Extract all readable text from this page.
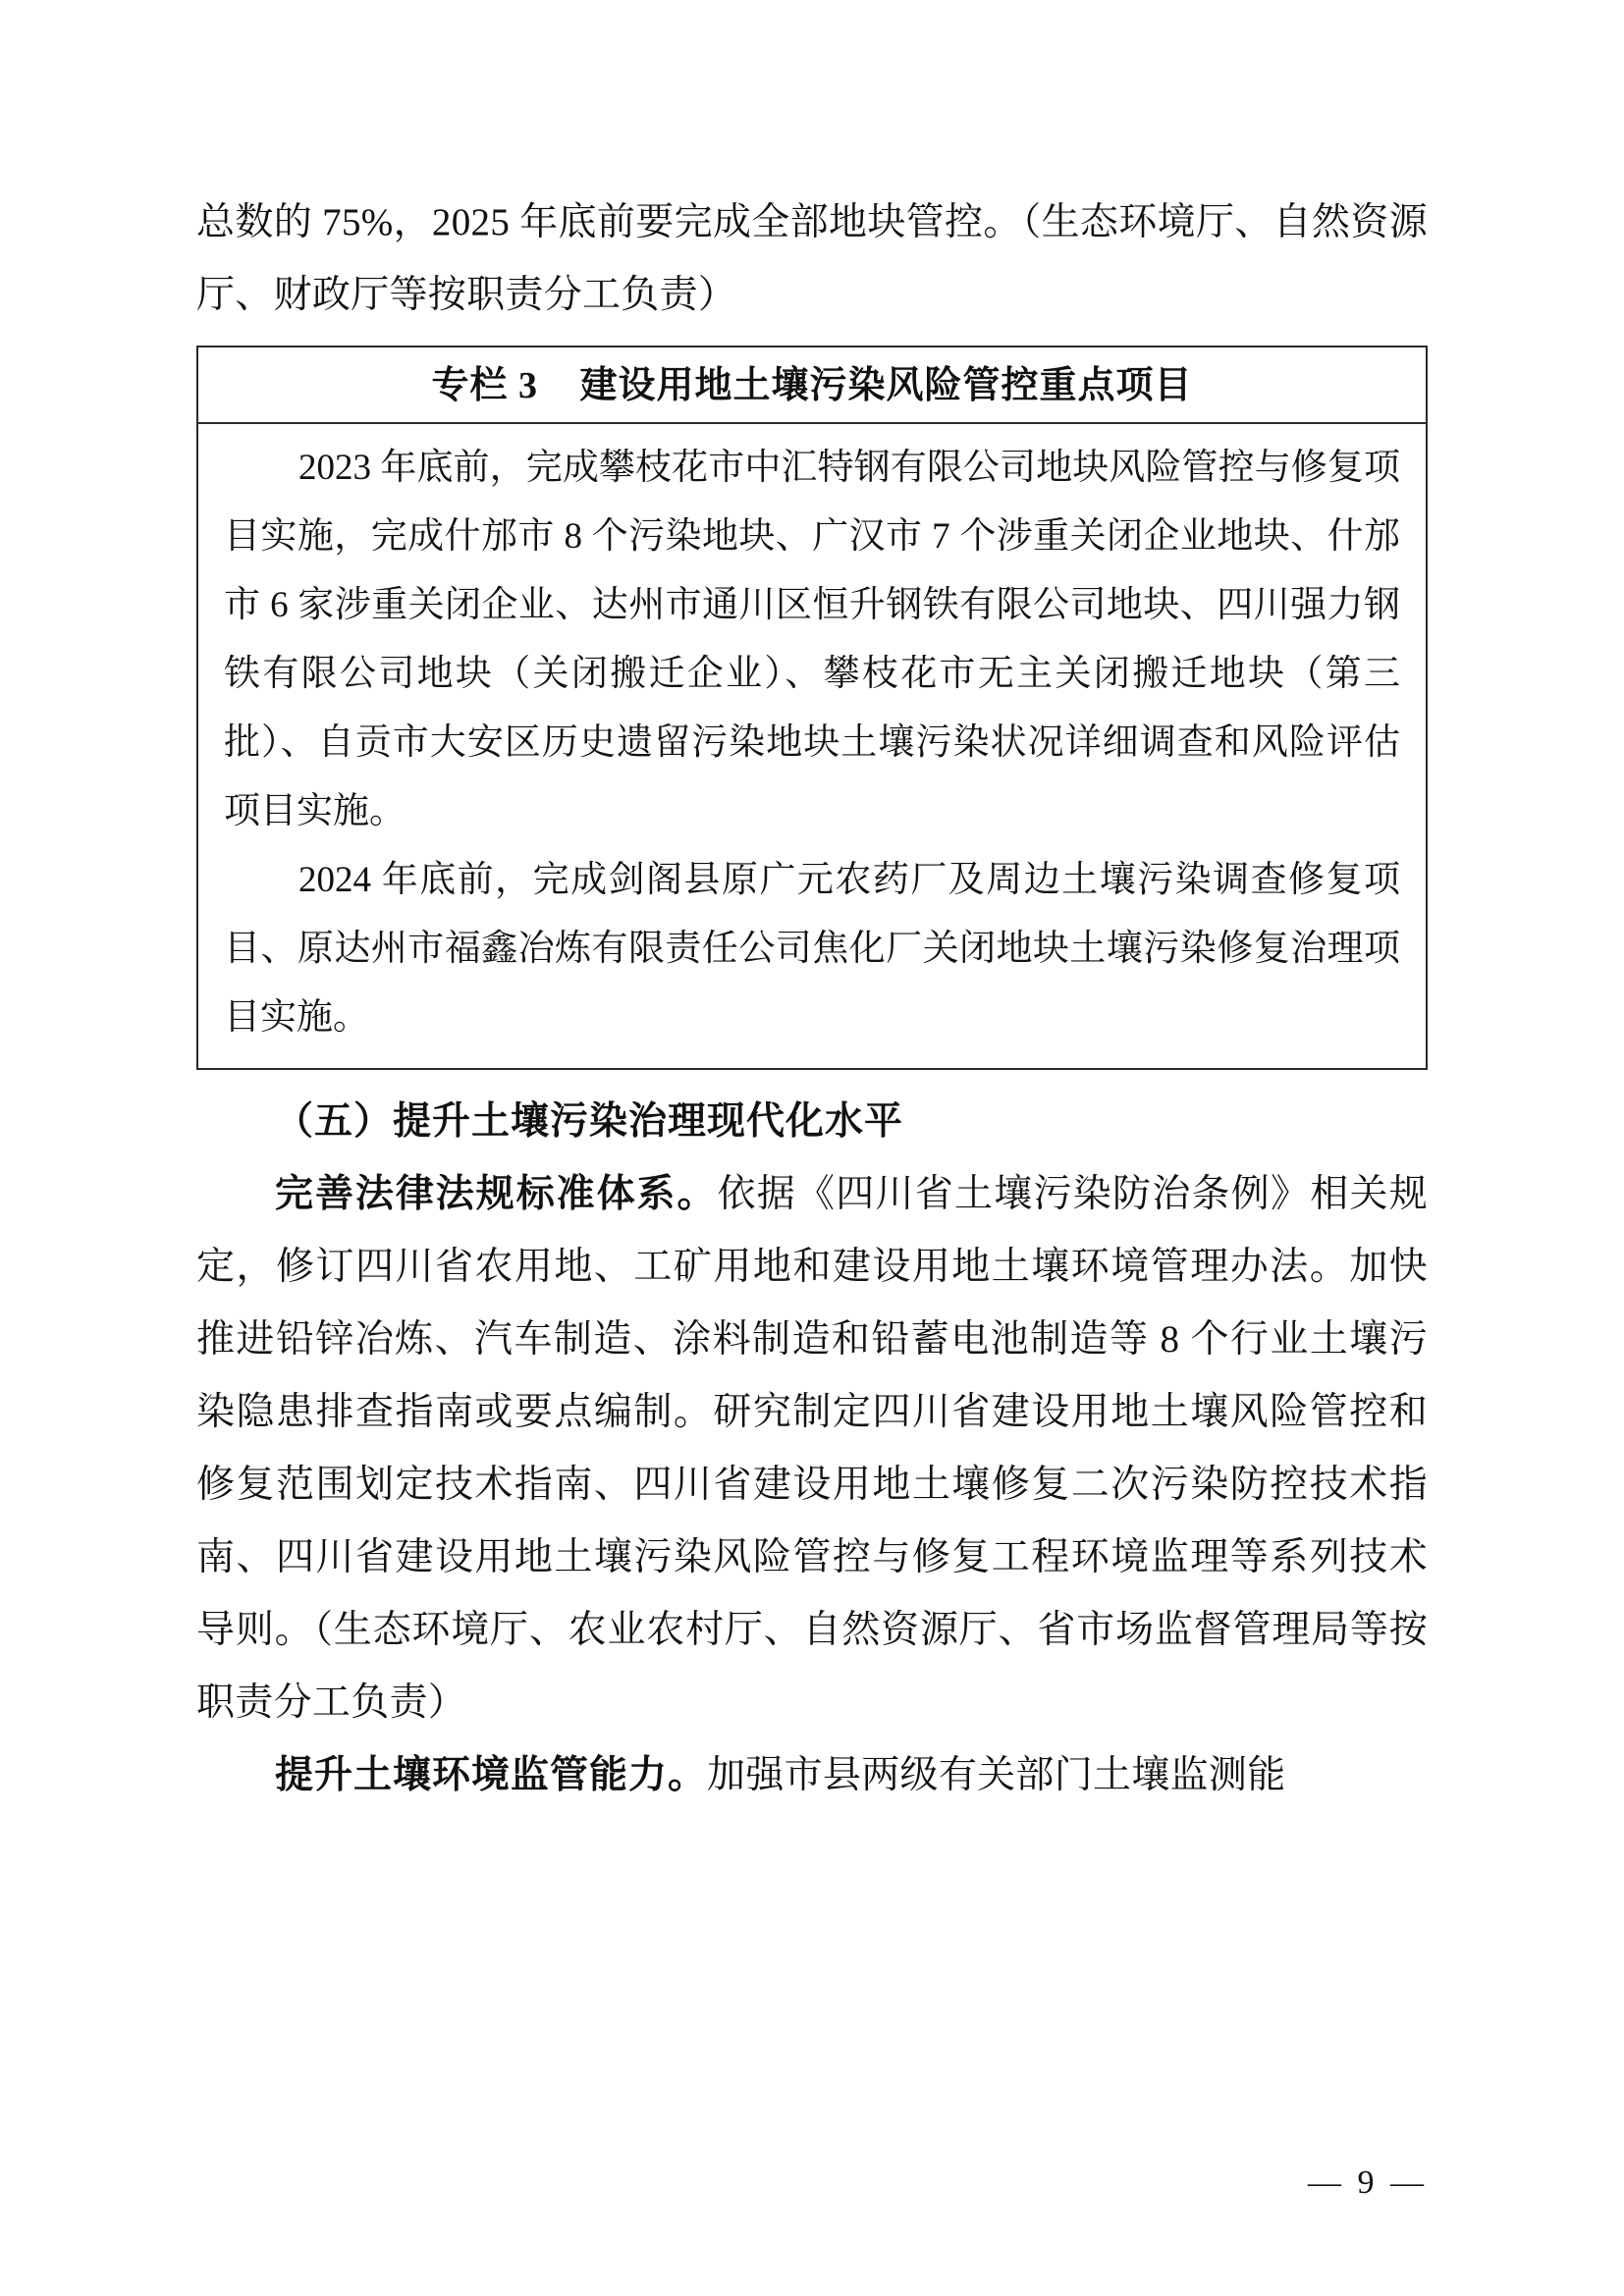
总数的 75%，2025 年底前要完成全部地块管控。（生态环境厅、自然资源厅、财政厅等按职责分工负责）

专栏 3 建设用地土壤污染风险管控重点项目

2023 年底前，完成攀枝花市中汇特钢有限公司地块风险管控与修复项目实施，完成什邡市 8 个污染地块、广汉市 7 个涉重关闭企业地块、什邡市 6 家涉重关闭企业、达州市通川区恒升钢铁有限公司地块、四川强力钢铁有限公司地块（关闭搬迁企业）、攀枝花市无主关闭搬迁地块（第三批）、自贡市大安区历史遗留污染地块土壤污染状况详细调查和风险评估项目实施。

2024 年底前，完成剑阁县原广元农药厂及周边土壤污染调查修复项目、原达州市福鑫冶炼有限责任公司焦化厂关闭地块土壤污染修复治理项目实施。

（五）提升土壤污染治理现代化水平

完善法律法规标准体系。依据《四川省土壤污染防治条例》相关规定，修订四川省农用地、工矿用地和建设用地土壤环境管理办法。加快推进铅锌冶炼、汽车制造、涂料制造和铅蓄电池制造等 8 个行业土壤污染隐患排查指南或要点编制。研究制定四川省建设用地土壤风险管控和修复范围划定技术指南、四川省建设用地土壤修复二次污染防控技术指南、四川省建设用地土壤污染风险管控与修复工程环境监理等系列技术导则。（生态环境厅、农业农村厅、自然资源厅、省市场监督管理局等按职责分工负责）

提升土壤环境监管能力。加强市县两级有关部门土壤监测能

— 9 —
